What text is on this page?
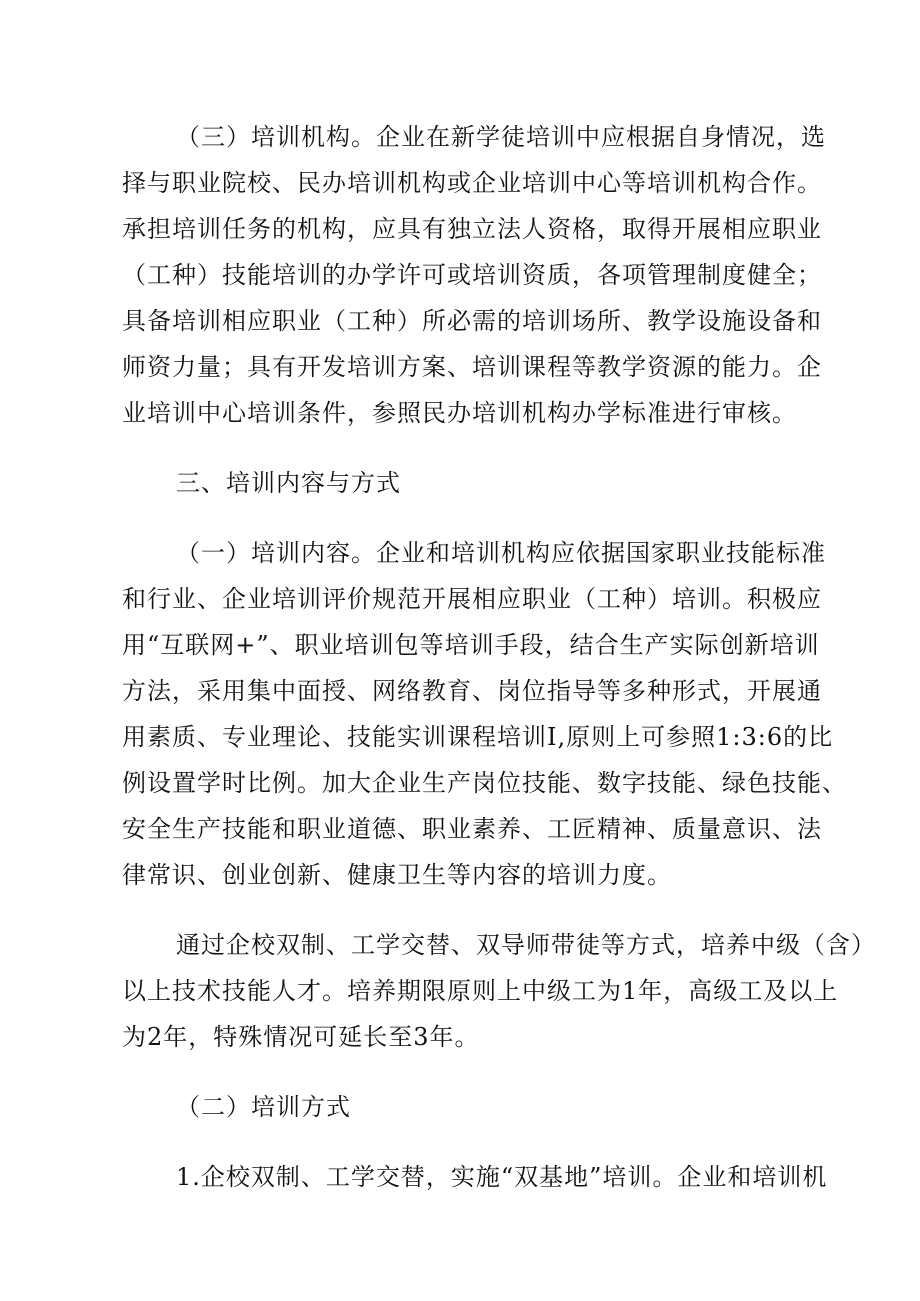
（三）培训机构。企业在新学徒培训中应根据自身情况，选
择与职业院校、民办培训机构或企业培训中心等培训机构合作。
承担培训任务的机构，应具有独立法人资格，取得开展相应职业
（工种）技能培训的办学许可或培训资质，各项管理制度健全；
具备培训相应职业（工种）所必需的培训场所、教学设施设备和
师资力量；具有开发培训方案、培训课程等教学资源的能力。企
业培训中心培训条件，参照民办培训机构办学标准进行审核。
三、培训内容与方式
（一）培训内容。企业和培训机构应依据国家职业技能标准
和行业、企业培训评价规范开展相应职业（工种）培训。积极应
用“互联网+”、职业培训包等培训手段，结合生产实际创新培训
方法，采用集中面授、网络教育、岗位指导等多种形式，开展通
用素质、专业理论、技能实训课程培训I,原则上可参照1:3:6的比
例设置学时比例。加大企业生产岗位技能、数字技能、绿色技能、
安全生产技能和职业道德、职业素养、工匠精神、质量意识、法
律常识、创业创新、健康卫生等内容的培训力度。
通过企校双制、工学交替、双导师带徒等方式，培养中级（含）
以上技术技能人才。培养期限原则上中级工为1年，高级工及以上
为2年，特殊情况可延长至3年。
（二）培训方式
1.企校双制、工学交替，实施“双基地”培训。企业和培训机
